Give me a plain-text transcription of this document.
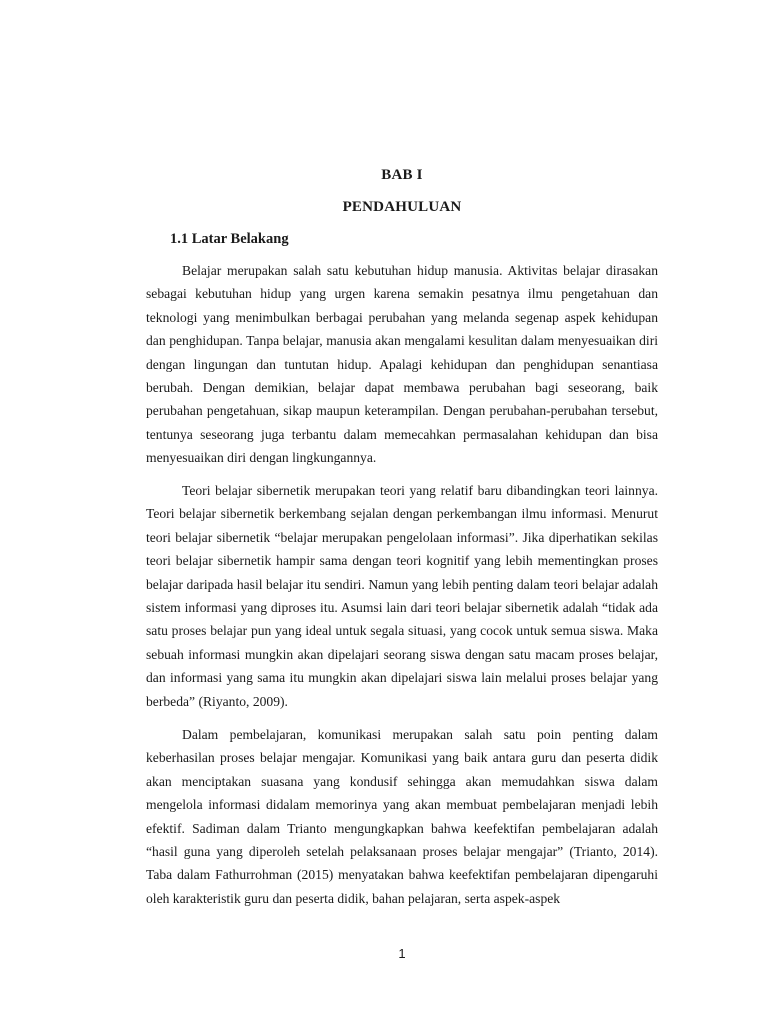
BAB I
PENDAHULUAN
1.1 Latar Belakang

Belajar merupakan salah satu kebutuhan hidup manusia. Aktivitas belajar dirasakan sebagai kebutuhan hidup yang urgen karena semakin pesatnya ilmu pengetahuan dan teknologi yang menimbulkan berbagai perubahan yang melanda segenap aspek kehidupan dan penghidupan. Tanpa belajar, manusia akan mengalami kesulitan dalam menyesuaikan diri dengan lingungan dan tuntutan hidup. Apalagi kehidupan dan penghidupan senantiasa berubah. Dengan demikian, belajar dapat membawa perubahan bagi seseorang, baik perubahan pengetahuan, sikap maupun keterampilan. Dengan perubahan-perubahan tersebut, tentunya seseorang juga terbantu dalam memecahkan permasalahan kehidupan dan bisa menyesuaikan diri dengan lingkungannya.

Teori belajar sibernetik merupakan teori yang relatif baru dibandingkan teori lainnya. Teori belajar sibernetik berkembang sejalan dengan perkembangan ilmu informasi. Menurut teori belajar sibernetik “belajar merupakan pengelolaan informasi”. Jika diperhatikan sekilas teori belajar sibernetik hampir sama dengan teori kognitif yang lebih mementingkan proses belajar daripada hasil belajar itu sendiri. Namun yang lebih penting dalam teori belajar adalah sistem informasi yang diproses itu. Asumsi lain dari teori belajar sibernetik adalah “tidak ada satu proses belajar pun yang ideal untuk segala situasi, yang cocok untuk semua siswa. Maka sebuah informasi mungkin akan dipelajari seorang siswa dengan satu macam proses belajar, dan informasi yang sama itu mungkin akan dipelajari siswa lain melalui proses belajar yang berbeda” (Riyanto, 2009).

Dalam pembelajaran, komunikasi merupakan salah satu poin penting dalam keberhasilan proses belajar mengajar. Komunikasi yang baik antara guru dan peserta didik akan menciptakan suasana yang kondusif sehingga akan memudahkan siswa dalam mengelola informasi didalam memorinya yang akan membuat pembelajaran menjadi lebih efektif. Sadiman dalam Trianto mengungkapkan bahwa keefektifan pembelajaran adalah “hasil guna yang diperoleh setelah pelaksanaan proses belajar mengajar” (Trianto, 2014). Taba dalam Fathurrohman (2015) menyatakan bahwa keefektifan pembelajaran dipengaruhi oleh karakteristik guru dan peserta didik, bahan pelajaran, serta aspek-aspek

1
